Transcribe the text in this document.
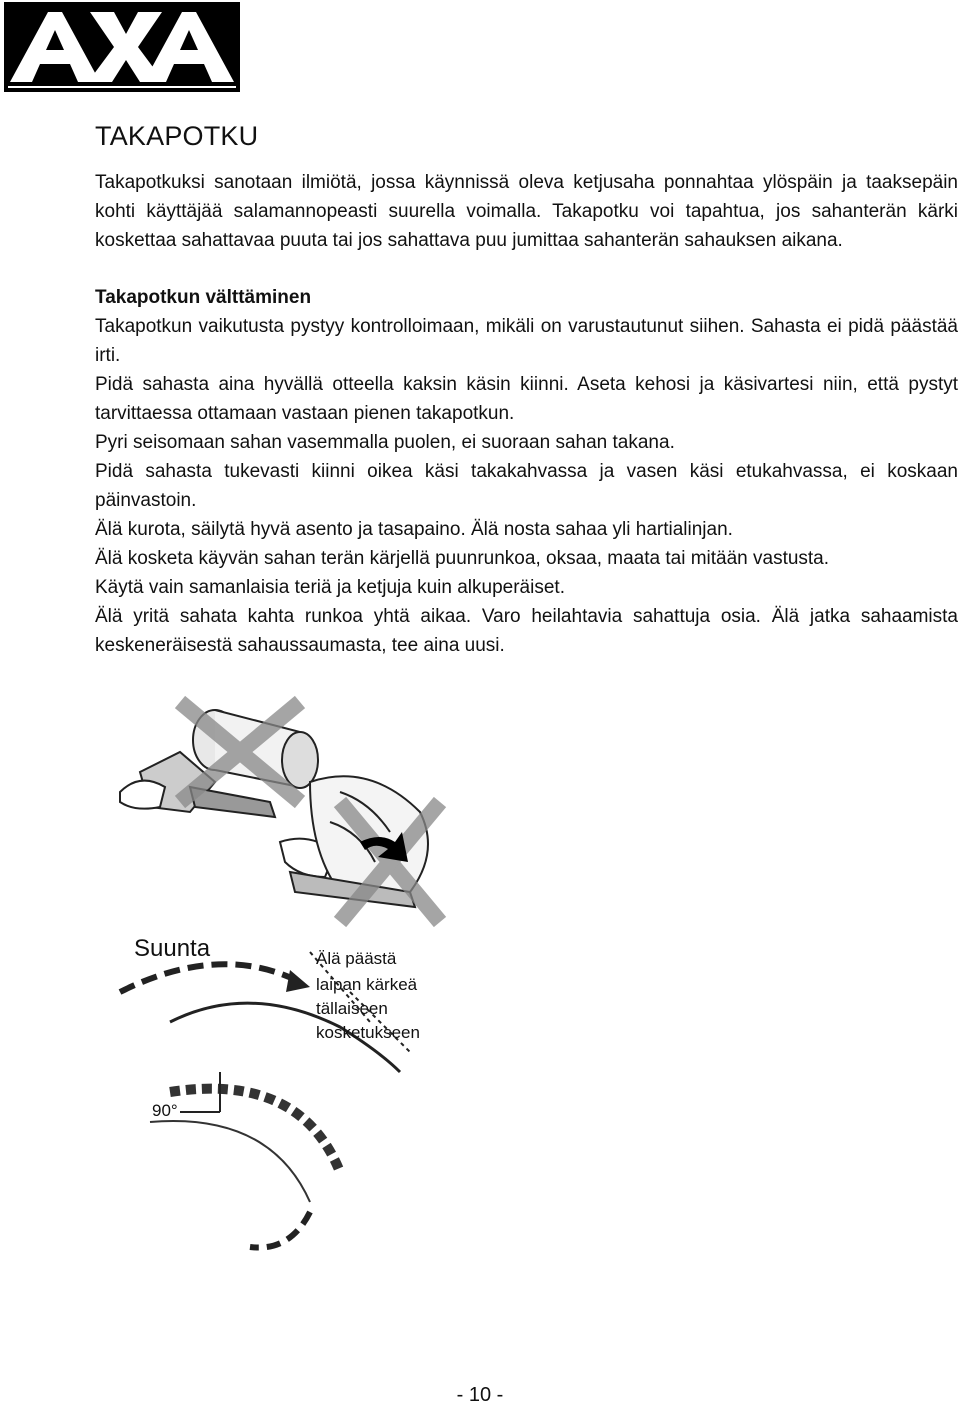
TAKAPOTKU

Takapotkuksi sanotaan ilmiötä, jossa käynnissä oleva ketjusaha ponnahtaa ylöspäin ja taaksepäin kohti käyttäjää salamannopeasti suurella voimalla. Takapotku voi tapahtua, jos sahanterän kärki koskettaa sahattavaa puuta tai jos sahattava puu jumittaa sahanterän sahauksen aikana.

Takapotkun välttäminen

Takapotkun vaikutusta pystyy kontrolloimaan, mikäli on varustautunut siihen. Sahasta ei pidä päästää irti.

Pidä sahasta aina hyvällä otteella kaksin käsin kiinni. Aseta kehosi ja käsivartesi niin, että pystyt tarvittaessa ottamaan vastaan pienen takapotkun.

Pyri seisomaan sahan vasemmalla puolen, ei suoraan sahan takana.

Pidä sahasta tukevasti kiinni oikea käsi takakahvassa ja vasen käsi etukahvassa, ei koskaan päinvastoin.

Älä kurota, säilytä hyvä asento ja tasapaino. Älä nosta sahaa yli hartialinjan.

Älä kosketa käyvän sahan terän kärjellä puunrunkoa, oksaa, maata tai mitään vastusta.

Käytä vain samanlaisia teriä ja ketjuja kuin alkuperäiset.

Älä yritä sahata kahta runkoa yhtä aikaa. Varo heilahtavia sahattuja osia. Älä jatka sahaamista keskeneräisestä sahaussaumasta, tee aina uusi.

Suunta	Älä päästä
laipan kärkeä
tällaiseen
kosketukseen
90°
- 10 -
